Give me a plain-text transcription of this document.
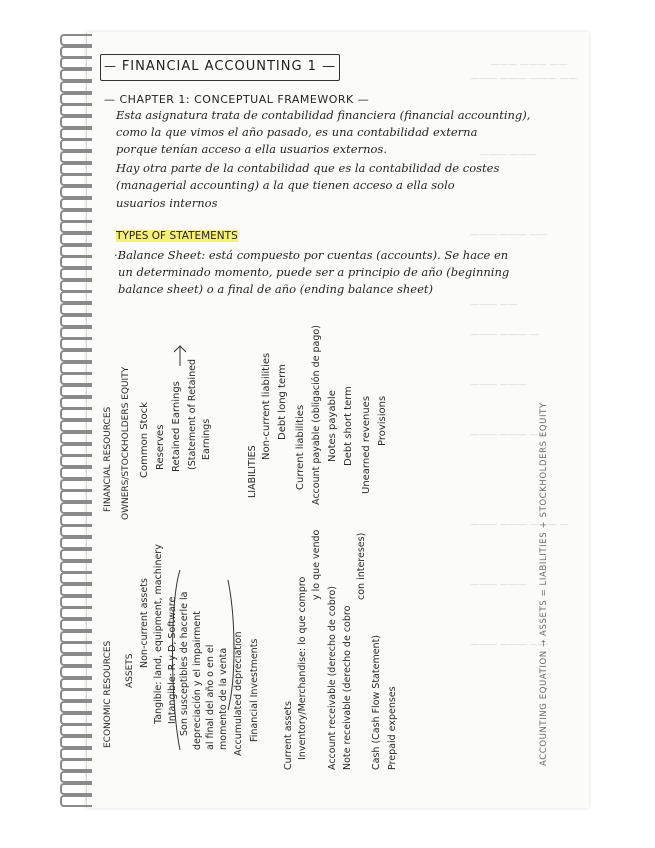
——— ——— ——
——— ——— ——— ——
——— ———
——— ——— ——
——— ——
——— ——— —
——— ———
——— ——— ——
——— ——— ——— —
——— ———
——— ——— ——
— FINANCIAL ACCOUNTING 1 —
— CHAPTER 1: CONCEPTUAL FRAMEWORK —
Esta asignatura trata de contabilidad financiera (financial accounting),
como la que vimos el año pasado, es una contabilidad externa
porque tenían acceso a ella usuarios externos.
Hay otra parte de la contabilidad que es la contabilidad de costes
(managerial accounting) a la que tienen acceso a ella solo
usuarios internos
TYPES OF STATEMENTS
·Balance Sheet: está compuesto por cuentas (accounts). Se hace en
un determinado momento, puede ser a principio de año (beginning
balance sheet) o a final de año (ending balance sheet)
ECONOMIC RESOURCES ASSETS
Non-current assets Tangible: land, equipment, machinery Intangible: R y D, Software Son susceptibles de hacerle la depreciación y el impairment al final del año o en el momento de la venta Accumulated depreciation Financial Investments Current assets Inventory/Merchandise: lo que compro
y lo que vendo
Account receivable (derecho de cobro) Note receivable (derecho de cobro
con intereses)
Cash (Cash Flow Statement) Prepaid expenses
FINANCIAL RESOURCES OWNERS/STOCKHOLDERS EQUITY Common Stock Reserves Retained Earnings (Statement of Retained Earnings
LIABILITIES
Non-current liabilities Debt long term
Current liabilities Account payable (obligación de pago) Notes payable Debt short term Unearned revenues Provisions	ACCOUNTING EQUATION → ASSETS = LIABILITIES + STOCKHOLDERS EQUITY
